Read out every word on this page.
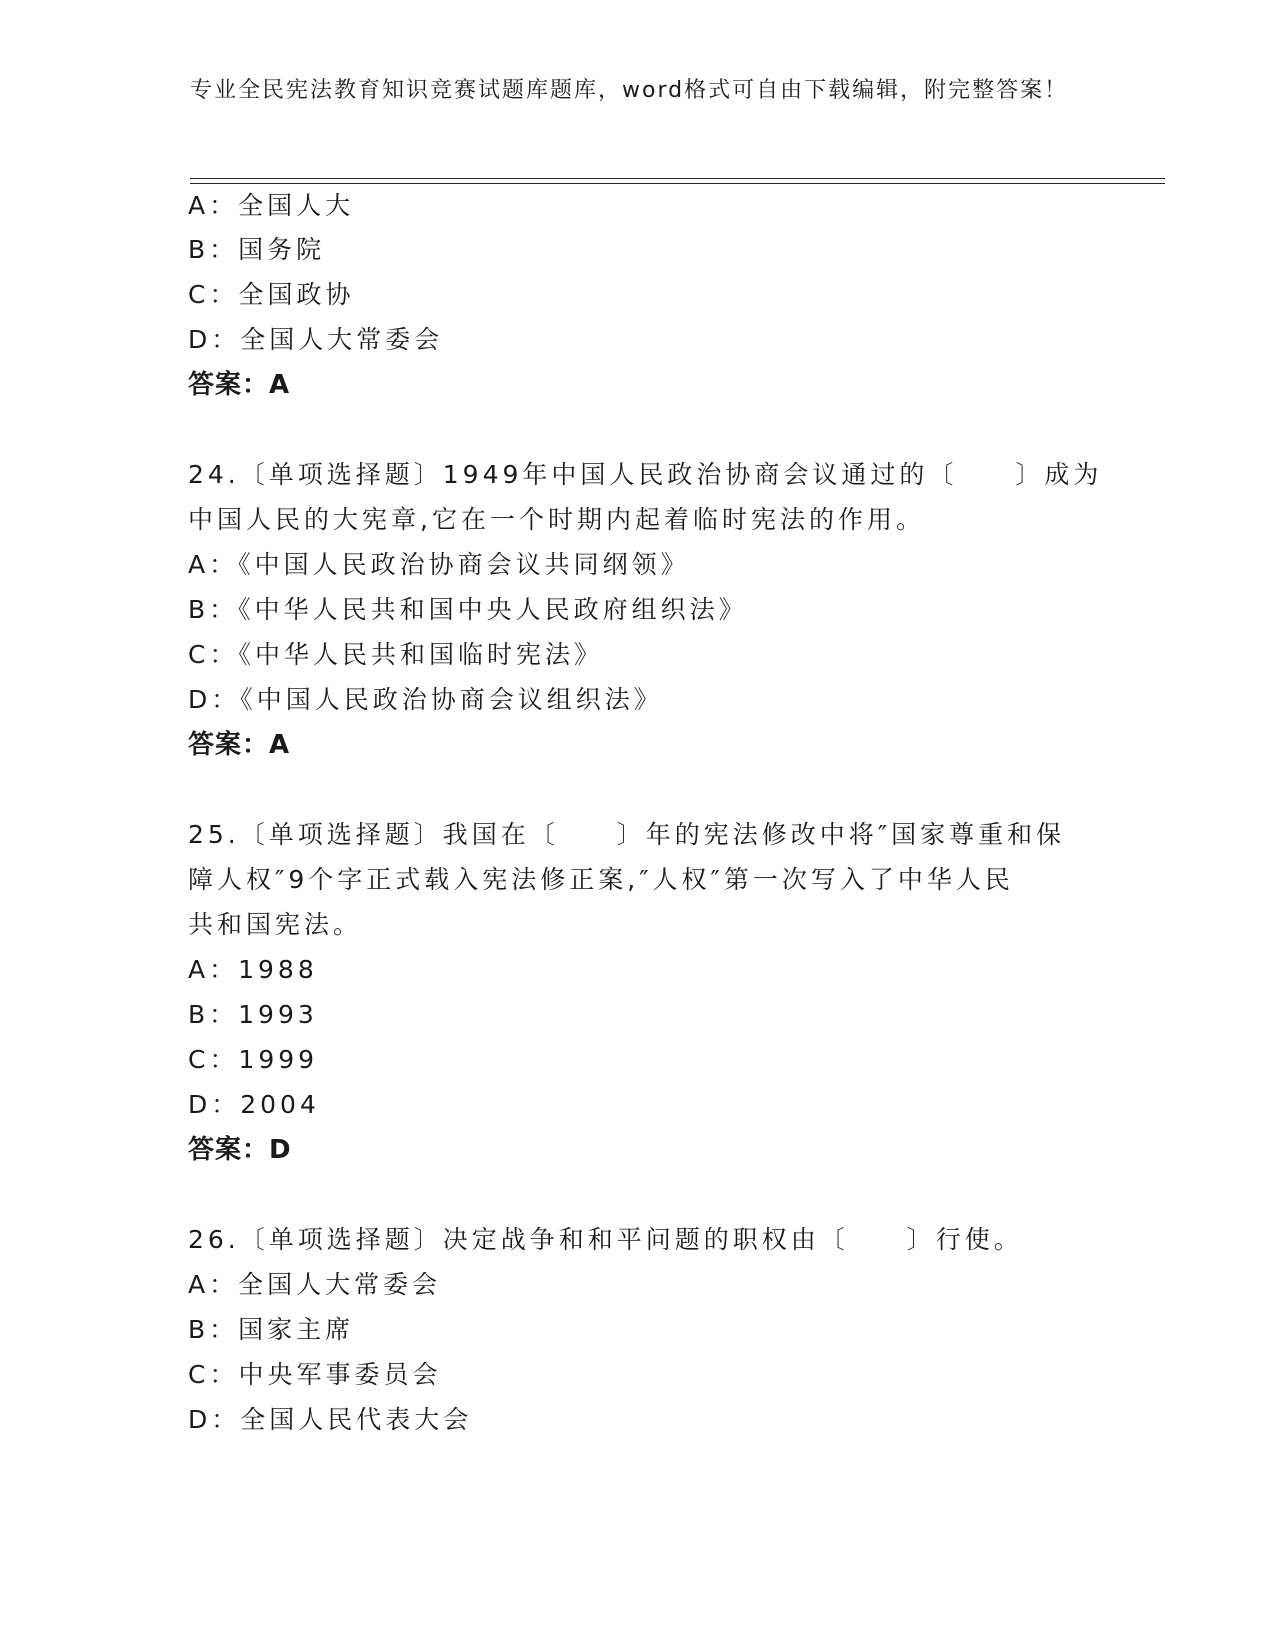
专业全民宪法教育知识竞赛试题库题库，word格式可自由下载编辑，附完整答案！
A：全国人大
B：国务院
C：全国政协
D：全国人大常委会
答案：A
24.〔单项选择题〕1949年中国人民政治协商会议通过的〔　　〕成为
中国人民的大宪章,它在一个时期内起着临时宪法的作用。
A：《中国人民政治协商会议共同纲领》
B：《中华人民共和国中央人民政府组织法》
C：《中华人民共和国临时宪法》
D：《中国人民政治协商会议组织法》
答案：A
25.〔单项选择题〕我国在〔　　〕年的宪法修改中将″国家尊重和保
障人权″9个字正式载入宪法修正案,″人权″第一次写入了中华人民
共和国宪法。
A：1988
B：1993
C：1999
D：2004
答案：D
26.〔单项选择题〕决定战争和和平问题的职权由〔　　〕行使。
A：全国人大常委会
B：国家主席
C：中央军事委员会
D：全国人民代表大会
